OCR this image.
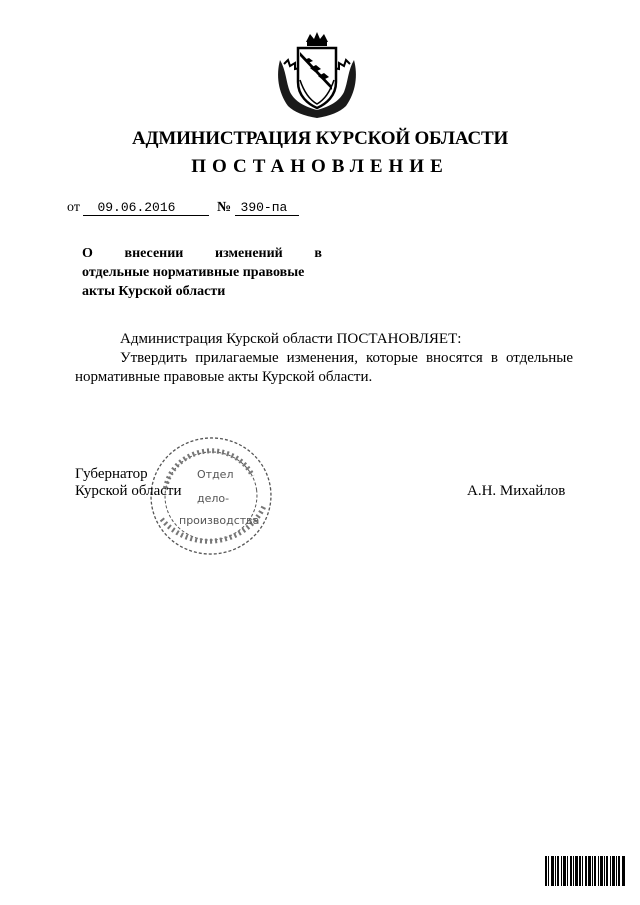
АДМИНИСТРАЦИЯ КУРСКОЙ ОБЛАСТИ
ПОСТАНОВЛЕНИЕ
от 09.06.2016	№ 390-па
О внесении изменений в
отдельные нормативные правовые
акты Курской области

Администрация Курской области ПОСТАНОВЛЯЕТ:

Утвердить прилагаемые изменения, которые вносятся в отдельные нормативные правовые акты Курской области.

Отдел
дело-
производства
Губернатор
Курской области	А.Н. Михайлов
